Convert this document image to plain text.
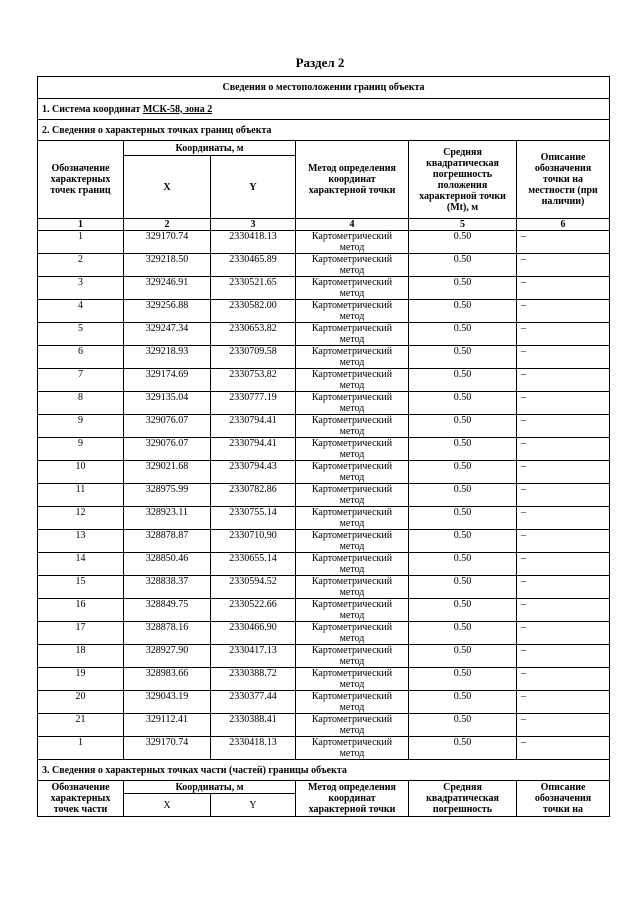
Раздел 2
Сведения о местоположении границ объекта					
1. Система координат МСК-58, зона 2					
2. Сведения о характерных точках границ объекта					
Обозначение характерных точек границ	Координаты, м		Метод определения координат характерной точки	Средняя квадратическая погрешность положения характерной точки (Mt), м	Описание обозначения точки на местности (при наличии)
	X	Y			
1	2	3	4	5	6
1	329170.74	2330418.13	Картометрический метод	0.50	–
2	329218.50	2330465.89	Картометрический метод	0.50	–
3	329246.91	2330521.65	Картометрический метод	0.50	–
4	329256.88	2330582.00	Картометрический метод	0.50	–
5	329247.34	2330653.82	Картометрический метод	0.50	–
6	329218.93	2330709.58	Картометрический метод	0.50	–
7	329174.69	2330753.82	Картометрический метод	0.50	–
8	329135.04	2330777.19	Картометрический метод	0.50	–
9	329076.07	2330794.41	Картометрический метод	0.50	–
9	329076.07	2330794.41	Картометрический метод	0.50	–
10	329021.68	2330794.43	Картометрический метод	0.50	–
11	328975.99	2330782.86	Картометрический метод	0.50	–
12	328923.11	2330755.14	Картометрический метод	0.50	–
13	328878.87	2330710.90	Картометрический метод	0.50	–
14	328850.46	2330655.14	Картометрический метод	0.50	–
15	328838.37	2330594.52	Картометрический метод	0.50	–
16	328849.75	2330522.66	Картометрический метод	0.50	–
17	328878.16	2330466.90	Картометрический метод	0.50	–
18	328927.90	2330417.13	Картометрический метод	0.50	–
19	328983.66	2330388.72	Картометрический метод	0.50	–
20	329043.19	2330377.44	Картометрический метод	0.50	–
21	329112.41	2330388.41	Картометрический метод	0.50	–
1	329170.74	2330418.13	Картометрический метод	0.50	–
3. Сведения о характерных точках части (частей) границы объекта					
Обозначение характерных точек части	Координаты, м		Метод определения координат характерной точки	Средняя квадратическая погрешность	Описание обозначения точки на
	X	Y			
